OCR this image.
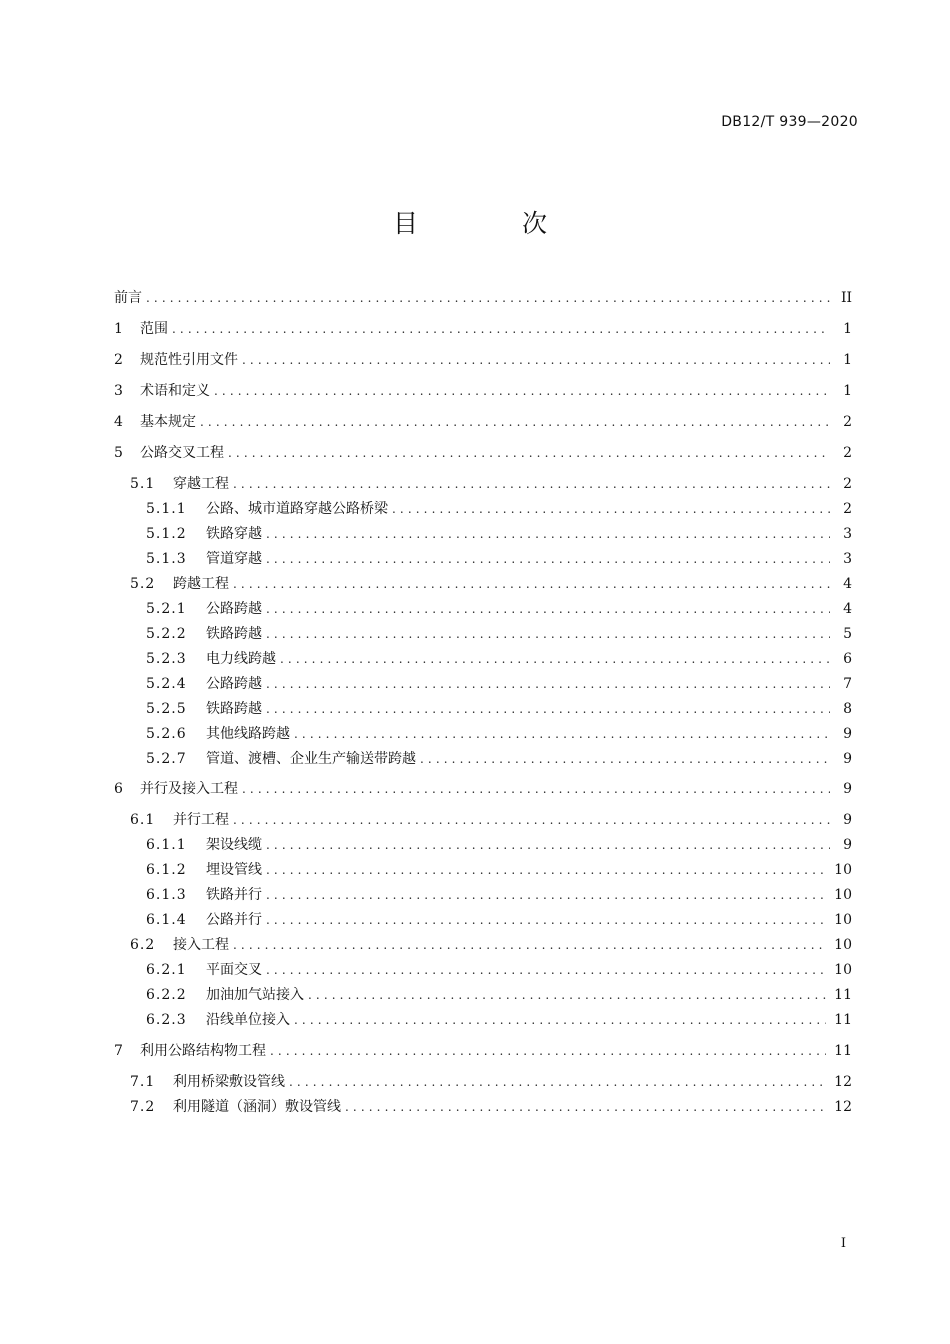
DB12/T 939—2020
目 次
前言 .....	II
1	范围 .....	1
2	规范性引用文件 .....	1
3	术语和定义 .....	1
4	基本规定 .....	2
5	公路交叉工程 .....	2
5.1	穿越工程 .....	2
5.1.1	公路、城市道路穿越公路桥梁 .....	2
5.1.2	铁路穿越 .....	3
5.1.3	管道穿越 .....	3
5.2	跨越工程 .....	4
5.2.1	公路跨越 .....	4
5.2.2	铁路跨越 .....	5
5.2.3	电力线跨越 .....	6
5.2.4	公路跨越 .....	7
5.2.5	铁路跨越 .....	8
5.2.6	其他线路跨越 .....	9
5.2.7	管道、渡槽、企业生产输送带跨越 .....	9
6	并行及接入工程 .....	9
6.1	并行工程 .....	9
6.1.1	架设线缆 .....	9
6.1.2	埋设管线 .....	10
6.1.3	铁路并行 .....	10
6.1.4	公路并行 .....	10
6.2	接入工程 .....	10
6.2.1	平面交叉 .....	10
6.2.2	加油加气站接入 .....	11
6.2.3	沿线单位接入 .....	11
7	利用公路结构物工程 .....	11
7.1	利用桥梁敷设管线 .....	12
7.2	利用隧道（涵洞）敷设管线 .....	12
I
